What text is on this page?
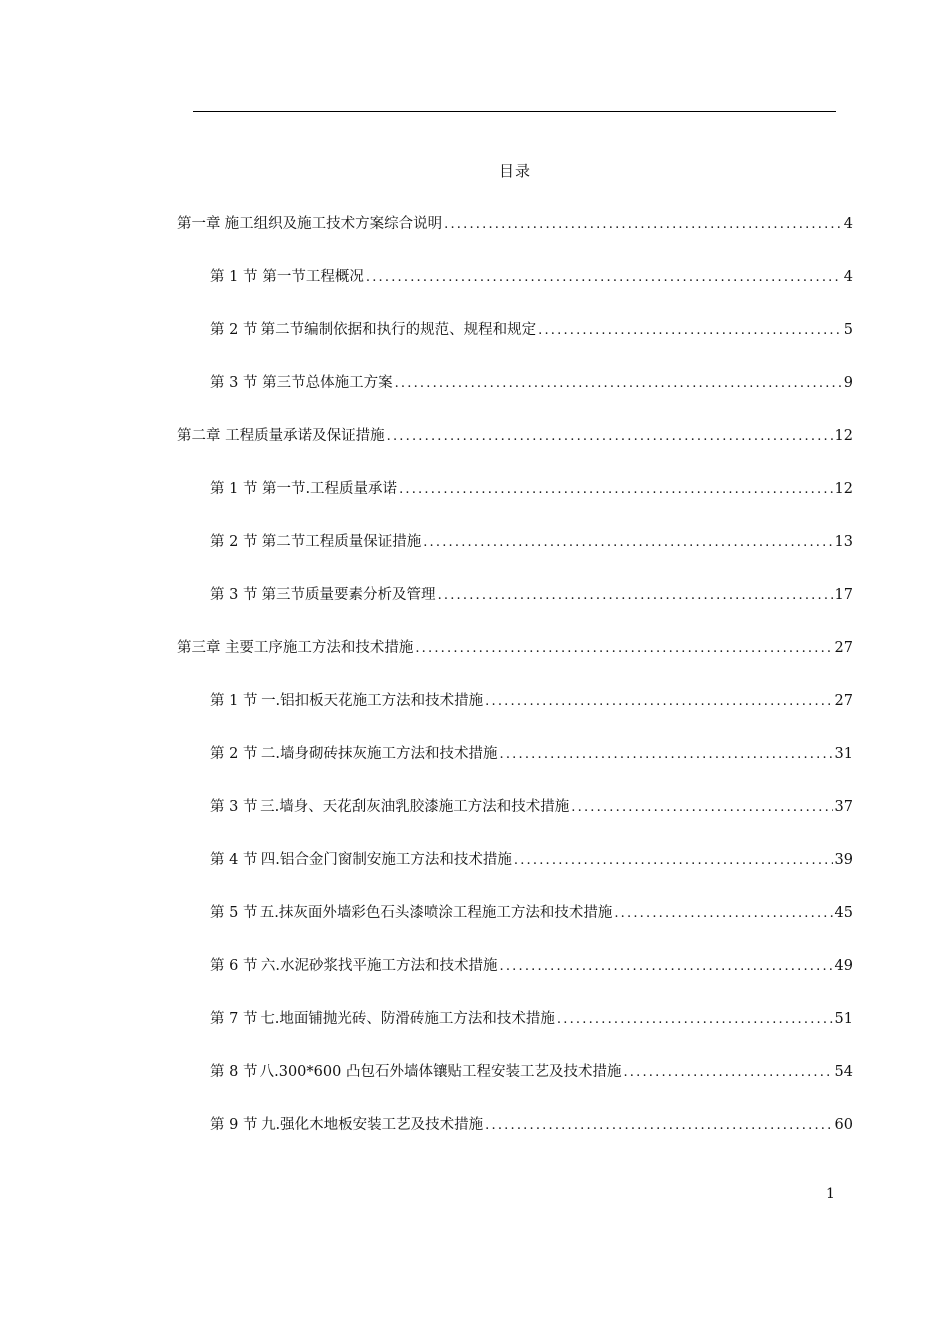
目录
第一章 施工组织及施工技术方案综合说明 .....	4
第 1 节 第一节工程概况 .....	4
第 2 节 第二节编制依据和执行的规范、规程和规定 .....	5
第 3 节 第三节总体施工方案 .....	9
第二章 工程质量承诺及保证措施 .....	12
第 1 节 第一节.工程质量承诺 .....	12
第 2 节 第二节工程质量保证措施 .....	13
第 3 节 第三节质量要素分析及管理 .....	17
第三章 主要工序施工方法和技术措施 .....	27
第 1 节 一.铝扣板天花施工方法和技术措施 .....	27
第 2 节 二.墙身砌砖抹灰施工方法和技术措施 .....	31
第 3 节 三.墙身、天花刮灰油乳胶漆施工方法和技术措施 .....	37
第 4 节 四.铝合金门窗制安施工方法和技术措施 .....	39
第 5 节 五.抹灰面外墙彩色石头漆喷涂工程施工方法和技术措施 .....	45
第 6 节 六.水泥砂浆找平施工方法和技术措施 .....	49
第 7 节 七.地面铺抛光砖、防滑砖施工方法和技术措施 .....	51
第 8 节 八.300*600 凸包石外墙体镶贴工程安装工艺及技术措施 .....	54
第 9 节 九.强化木地板安装工艺及技术措施 .....	60
1
